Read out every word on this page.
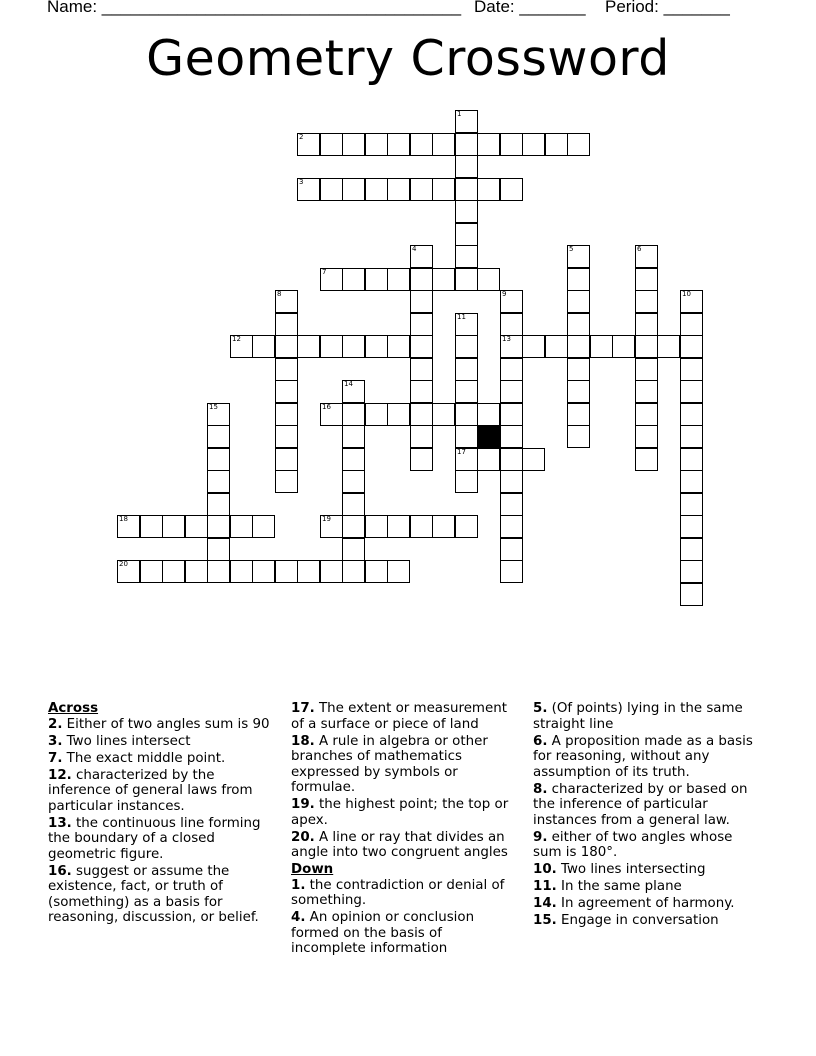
Name: ______________________________________ Date: _______ Period: _______
Geometry Crossword
1
2
3
4	5	6
7
8	9
13
10
11
17
12
14
15	16
18	19
20

Across

2. Either of two angles sum is 90

3. Two lines intersect

7. The exact middle point.

12. characterized by the inference of general laws from particular instances.

13. the continuous line forming the boundary of a closed geometric figure.

16. suggest or assume the existence, fact, or truth of (something) as a basis for reasoning, discussion, or belief.

17. The extent or measurement of a surface or piece of land

18. A rule in algebra or other branches of mathematics expressed by symbols or formulae.

19. the highest point; the top or apex.

20. A line or ray that divides an angle into two congruent angles

Down

1. the contradiction or denial of something.

4. An opinion or conclusion formed on the basis of incomplete information

5. (Of points) lying in the same straight line

6. A proposition made as a basis for reasoning, without any assumption of its truth.

8. characterized by or based on the inference of particular instances from a general law.

9. either of two angles whose sum is 180°.

10. Two lines intersecting

11. In the same plane

14. In agreement of harmony.

15. Engage in conversation
